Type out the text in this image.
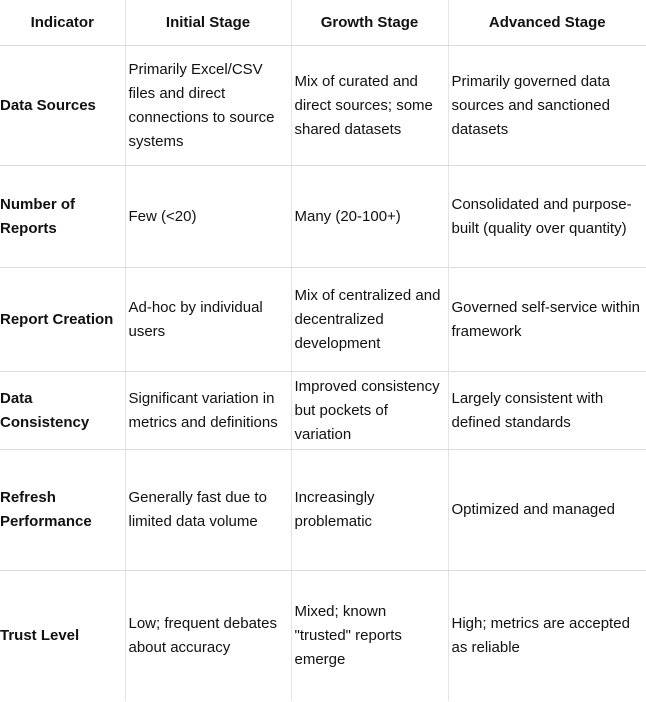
Indicator	Initial Stage	Growth Stage	Advanced Stage
Data Sources	Primarily Excel/CSV files and direct connections to source systems	Mix of curated and direct sources; some shared datasets	Primarily governed data sources and sanctioned datasets
Number of Reports	Few (<20)	Many (20-100+)	Consolidated and purpose-built (quality over quantity)
Report Creation	Ad-hoc by individual users	Mix of centralized and decentralized development	Governed self-service within framework
Data Consistency	Significant variation in metrics and definitions	Improved consistency but pockets of variation	Largely consistent with defined standards
Refresh Performance	Generally fast due to limited data volume	Increasingly problematic	Optimized and managed
Trust Level	Low; frequent debates about accuracy	Mixed; known "trusted" reports emerge	High; metrics are accepted as reliable
